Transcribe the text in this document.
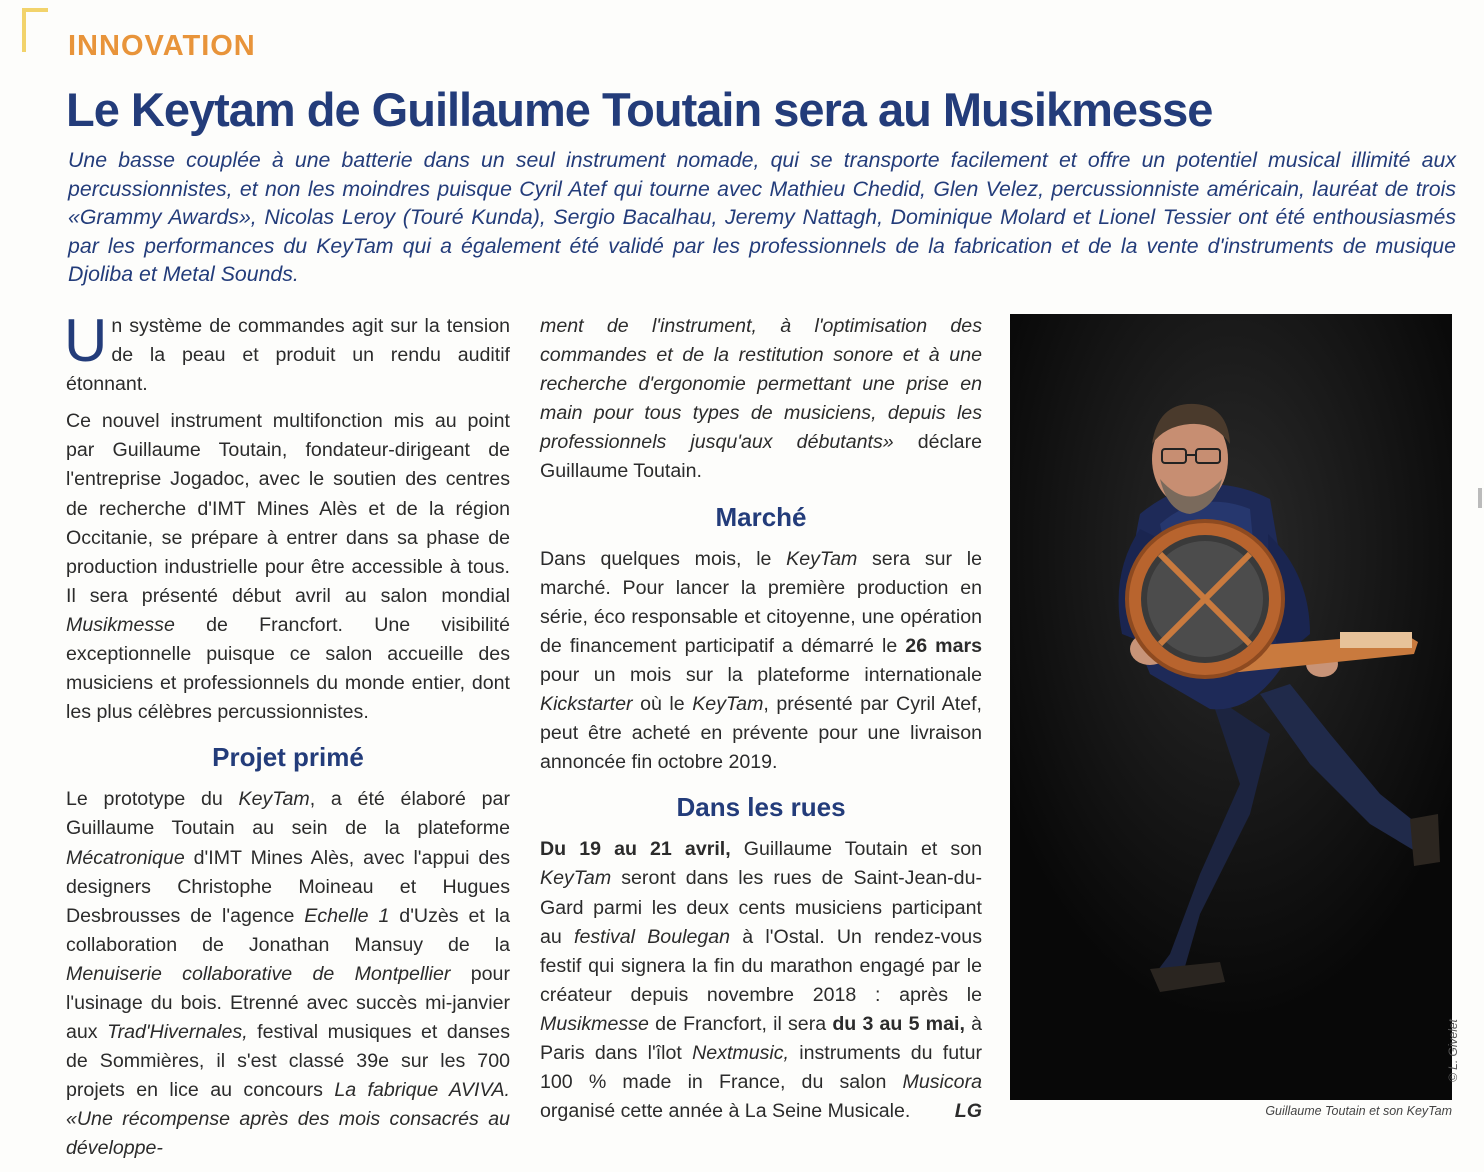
INNOVATION
Le Keytam de Guillaume Toutain sera au Musikmesse

Une basse couplée à une batterie dans un seul instrument nomade, qui se transporte facilement et offre un potentiel musical illimité aux percussionnistes, et non les moindres puisque Cyril Atef qui tourne avec Mathieu Chedid, Glen Velez, percussionniste américain, lauréat de trois «Grammy Awards», Nicolas Leroy (Touré Kunda), Sergio Bacalhau, Jeremy Nattagh, Dominique Molard et Lionel Tessier ont été enthousiasmés par les performances du KeyTam qui a également été validé par les professionnels de la fabrication et de la vente d'instruments de musique Djoliba et Metal Sounds.

Un système de commandes agit sur la tension de la peau et produit un rendu auditif étonnant.

Ce nouvel instrument multifonction mis au point par Guillaume Toutain, fondateur-dirigeant de l'entreprise Jogadoc, avec le soutien des centres de recherche d'IMT Mines Alès et de la région Occitanie, se prépare à entrer dans sa phase de production industrielle pour être accessible à tous. Il sera présenté début avril au salon mondial Musikmesse de Francfort. Une visibilité exceptionnelle puisque ce salon accueille des musiciens et professionnels du monde entier, dont les plus célèbres percussionnistes.

Projet primé

Le prototype du KeyTam, a été élaboré par Guillaume Toutain au sein de la plateforme Mécatronique d'IMT Mines Alès, avec l'appui des designers Christophe Moineau et Hugues Desbrousses de l'agence Echelle 1 d'Uzès et la collaboration de Jonathan Mansuy de la Menuiserie collaborative de Montpellier pour l'usinage du bois. Etrenné avec succès mi-janvier aux Trad'Hivernales, festival musiques et danses de Sommières, il s'est classé 39e sur les 700 projets en lice au concours La fabrique AVIVA. «Une récompense après des mois consacrés au développe-

ment de l'instrument, à l'optimisation des commandes et de la restitution sonore et à une recherche d'ergonomie permettant une prise en main pour tous types de musiciens, depuis les professionnels jusqu'aux débutants» déclare Guillaume Toutain.

Marché

Dans quelques mois, le KeyTam sera sur le marché. Pour lancer la première production en série, éco responsable et citoyenne, une opération de financement participatif a démarré le 26 mars pour un mois sur la plateforme internationale Kickstarter où le KeyTam, présenté par Cyril Atef, peut être acheté en prévente pour une livraison annoncée fin octobre 2019.

Dans les rues

Du 19 au 21 avril, Guillaume Toutain et son KeyTam seront dans les rues de Saint-Jean-du-Gard parmi les deux cents musiciens participant au festival Boulegan à l'Ostal. Un rendez-vous festif qui signera la fin du marathon engagé par le créateur depuis novembre 2018 : après le Musikmesse de Francfort, il sera du 3 au 5 mai, à Paris dans l'îlot Nextmusic, instruments du futur 100 % made in France, du salon Musicora organisé cette année à La Seine Musicale. LG	Guillaume Toutain et son KeyTam
© L. Givelet
